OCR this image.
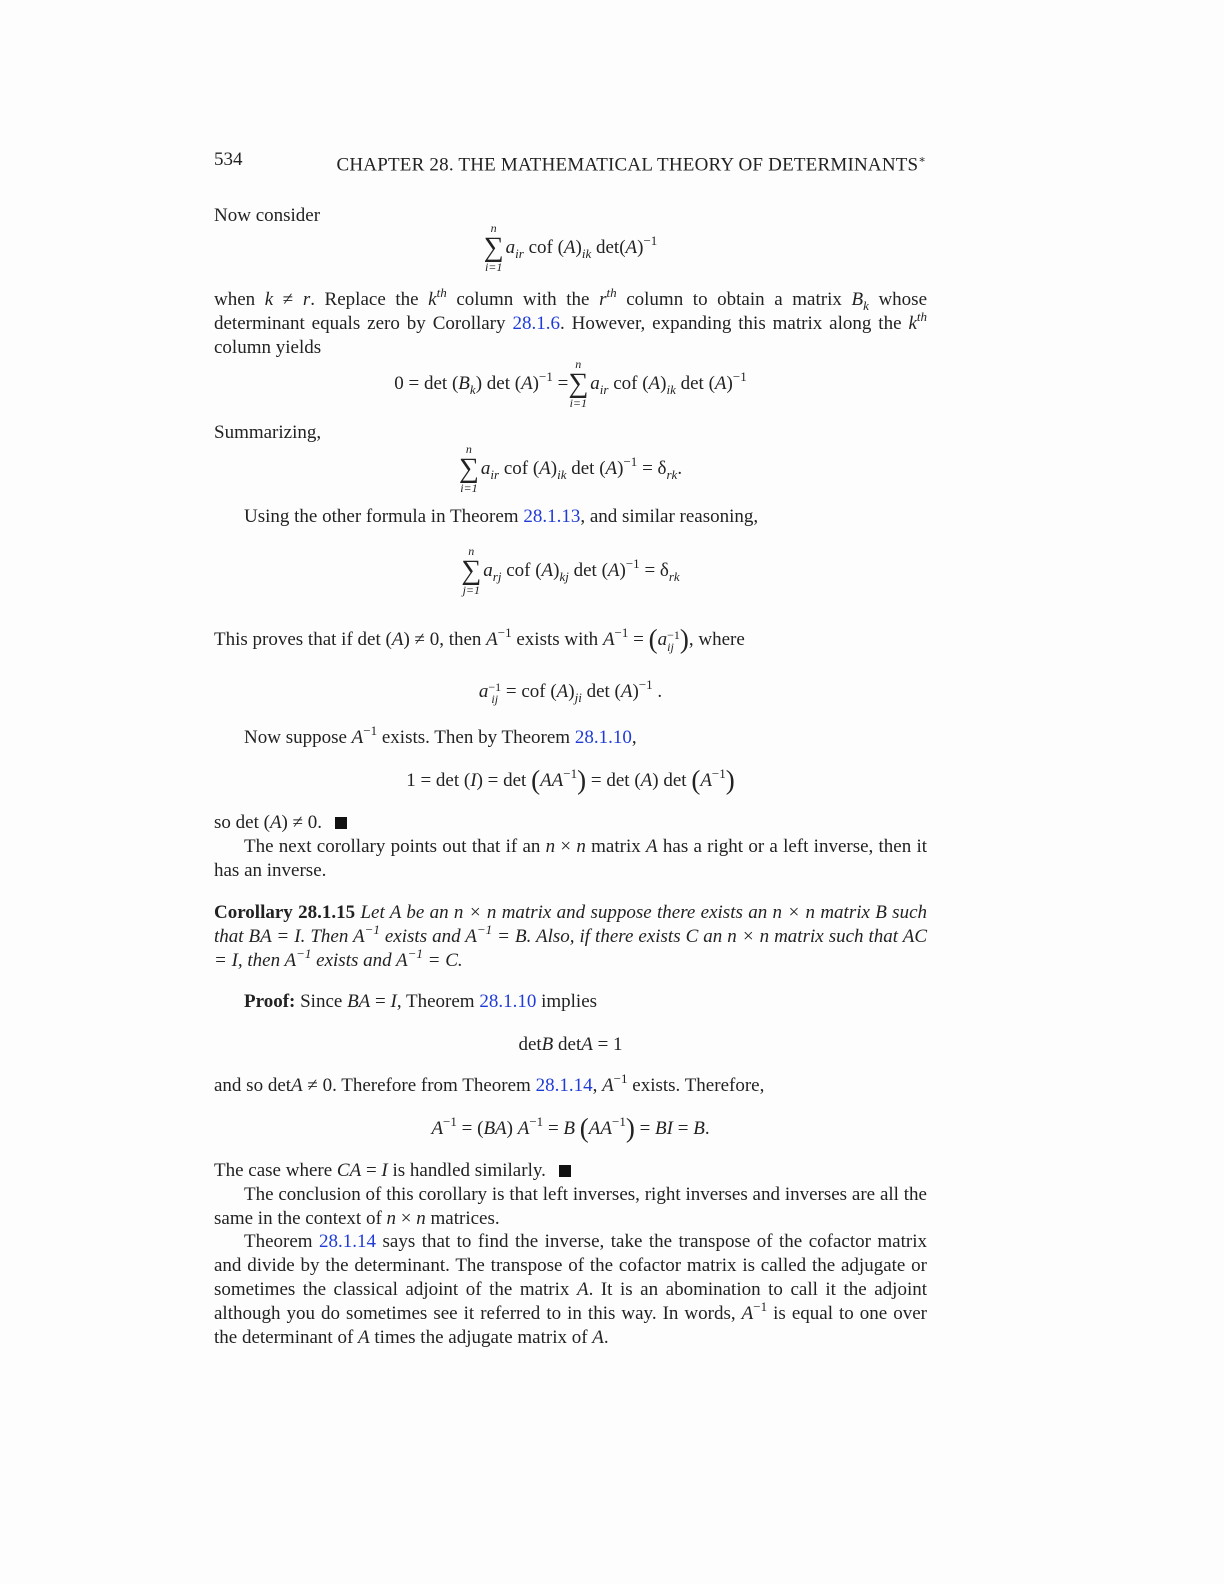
534	CHAPTER 28. THE MATHEMATICAL THEORY OF DETERMINANTS∗
Now consider
n
∑
i=1
$a_{ir}$ cof $(A)_{ik}$ $\det(A)^{-1}$
when k ≠ r. Replace the $k^{th}$ column with the $r^{th}$ column to obtain a matrix $B_k$ whose determinant equals zero by Corollary 28.1.6. However, expanding this matrix along the $k^{th}$ column yields
$0 = \det (B_k)$ $\det (A)^{-1}$ =
n
∑
i=1
$a_{ir}$ cof $(A)_{ik}$ $\det (A)^{-1}$
Summarizing,
n
∑
i=1
$a_{ir}$ cof $(A)_{ik}$ $\det (A)^{-1} = \delta_{rk}$.
Using the other formula in Theorem 28.1.13, and similar reasoning,
n
∑
j=1
$a_{rj}$ cof $(A)_{kj}$ $\det (A)^{-1} = \delta_{rk}$
This proves that if det (A) ≠ 0, then $A^{-1}$ exists with $A^{-1} = (a -1$
ij ), where
a −1
ij = cof $(A)_{ji}$ $\det (A)^{-1}$ .
Now suppose $A^{-1}$ exists. Then by Theorem 28.1.10,
$1 = \det (I) = \det (AA^{-1}) = \det (A)$ $\det (A^{-1})$
so det (A) ≠ 0.
The next corollary points out that if an n × n matrix A has a right or a left inverse, then it has an inverse.
Corollary 28.1.15 Let A be an n × n matrix and suppose there exists an n × n matrix B such that BA = I. Then $A^{-1}$ exists and $A^{-1} = B$. Also, if there exists C an n × n matrix such that AC = I, then $A^{-1}$ exists and $A^{-1} = C$.
Proof: Since BA = I, Theorem 28.1.10 implies
detB detA = 1
and so detA ≠ 0. Therefore from Theorem 28.1.14, $A^{-1}$ exists. Therefore,
$A^{-1} = (BA) A^{-1} = B$ $(AA^{-1})$ = BI = B.
The case where CA = I is handled similarly.
The conclusion of this corollary is that left inverses, right inverses and inverses are all the same in the context of n × n matrices.
Theorem 28.1.14 says that to find the inverse, take the transpose of the cofactor matrix and divide by the determinant. The transpose of the cofactor matrix is called the adjugate or sometimes the classical adjoint of the matrix A. It is an abomination to call it the adjoint although you do sometimes see it referred to in this way. In words, $A^{-1}$ is equal to one over the determinant of A times the adjugate matrix of A.
